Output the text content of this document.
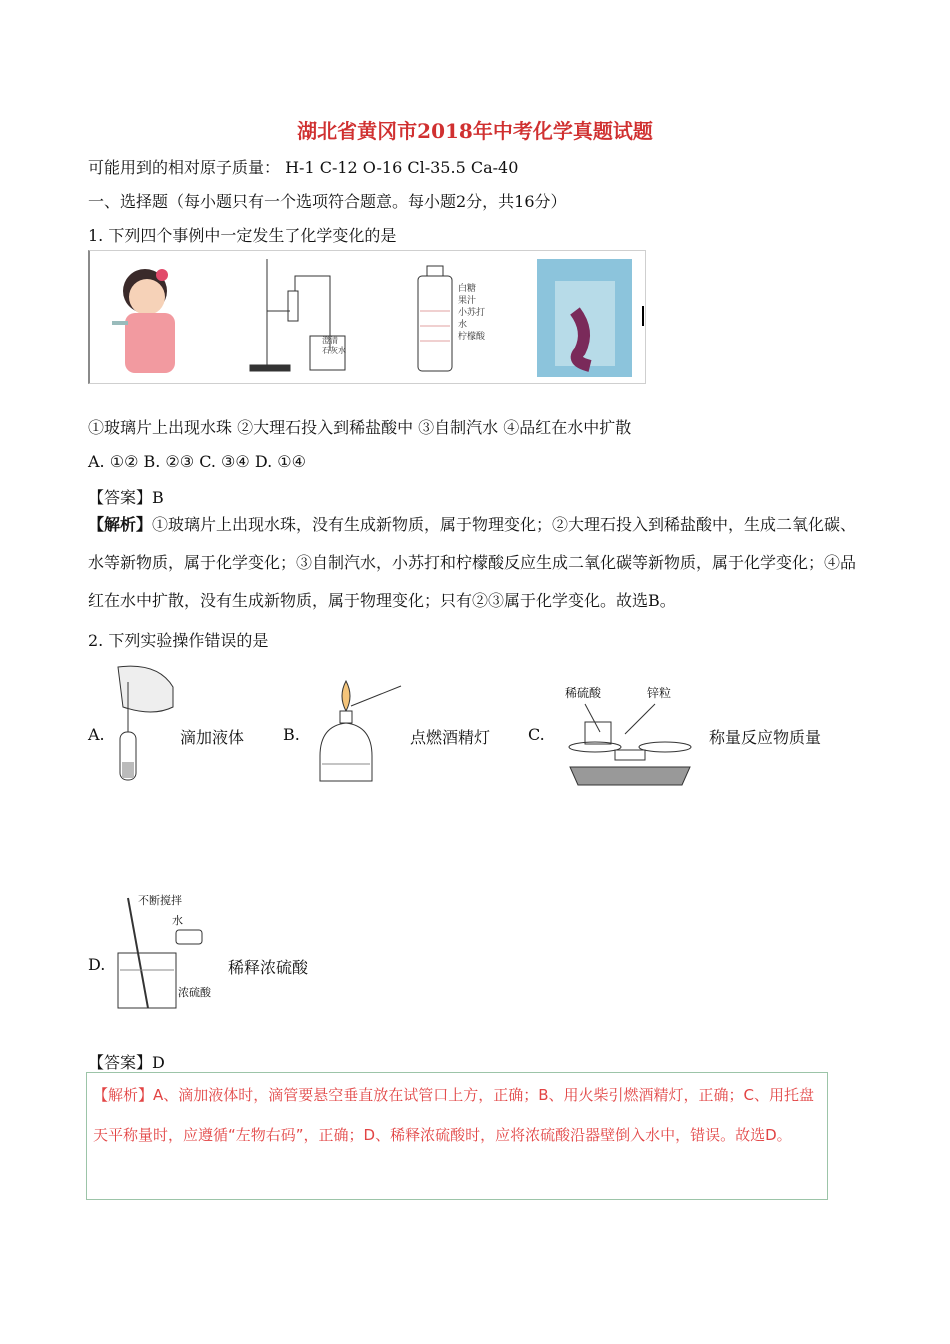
湖北省黄冈市2018年中考化学真题试题
可能用到的相对原子质量： H-1 C-12 O-16 Cl-35.5 Ca-40
一、选择题（每小题只有一个选项符合题意。每小题2分，共16分）
1. 下列四个事例中一定发生了化学变化的是
澄清
石灰水
白糖
果汁
小苏打
水
柠檬酸
①玻璃片上出现水珠 ②大理石投入到稀盐酸中 ③自制汽水 ④品红在水中扩散
A. ①② B. ②③ C. ③④ D. ①④
【答案】B
【解析】①玻璃片上出现水珠，没有生成新物质，属于物理变化；②大理石投入到稀盐酸中，生成二氧化碳、水等新物质，属于化学变化；③自制汽水，小苏打和柠檬酸反应生成二氧化碳等新物质，属于化学变化；④品红在水中扩散，没有生成新物质，属于物理变化；只有②③属于化学变化。故选B。
2. 下列实验操作错误的是
A.	滴加液体 B.	点燃酒精灯 C.
稀硫酸	锌粒
称量反应物质量
D.
不断搅拌
水
浓硫酸
稀释浓硫酸
【答案】D
【解析】A、滴加液体时，滴管要悬空垂直放在试管口上方，正确；B、用火柴引燃酒精灯，正确；C、用托盘天平称量时，应遵循“左物右码”，正确；D、稀释浓硫酸时，应将浓硫酸沿器壁倒入水中，错误。故选D。
